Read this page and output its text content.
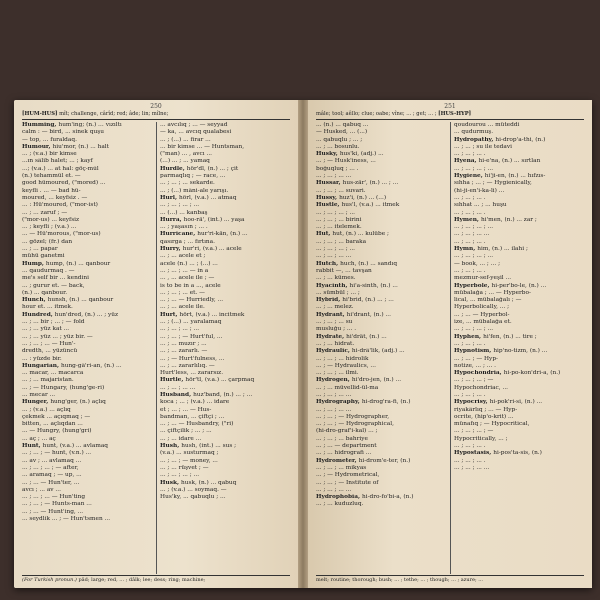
250
[HUM-HUS] mît; challenge, cârîd; red; âde; lin; mîlne;

Humming, hum'ing; (n.) … vızıltı

calm : — bird, ... sinek quşu

— top, ... furaldaq.

Humour, hiu'mor, (n.) ... halt

... ; (v.a.) bir kimse

...ın sâlib halet; ... ; kayf

...; (v.a.) ... at hal: göç-mûl

(n.) tehammül et. —

good hümoured, ("mored) ...

keyfli . ... — bad hü-

moured, ... keyfsiz . —

... : Hü'moured, ("mor-ist)

... ; ... zaruf ; —

("mor-us) ... keyfsiz

... ; keyfli ; (v.a.) ...

... — Hü'morous, ("mor-us)

... gözel; (fr.) dan

... ; ... papar

mühü ganetmi

Hump, hump, (n.) ... qanbour

... qaudurmaq . —

me's self bir ... kendini

... ; gurur et. — back,

(n.) ... qanbour.

Hunch, hunsh, (n.) ... qanbour

hour et. ... itmek.

Hundred, hun'dred, (n.) ... ; yüz

... ; ... bir ; ... ; — fold

... ; ... yüz kat ...

... ; ... yüz ... ; yüz bir. —

... ; ... ; ... — Hun'-

dredth, ... yüzüncü

... : yüzde bir.

Hungarian, hung-gâ'ri-an, (n.) ...

... macar, ... macarca

... ; ... majaristan.

... ; — Hungary, (hung'ge-ri)

... mecar ...

Hunger, hung'ger, (n.) açlıq

... ; (v.a.) ... açlıq

çekmek ... açıqmaq ; —

bitten, ... açlıqdan ...

... — Hungry, (hung'gri)

... aç ; ... aç

Hunt, hunt, (v.a.) ... avlamaq

... ; ... ; — hunt, (v.n.) ...

... av ; ... avlamaq ...

... ; ... ; ... ; — after,

... aramaq ; — up, ...

... ; ... — Hun'ter, ...

avcı ; ... av ...

... ; ... ; ... — Hun'ting

... ; ... ; — Hunts-man ...

... ; ... — Hunt'ing, ...

... seydlik ... ; — Hun'tsmen ...

... avcılıq ; ... — seyyad

— ka, ... avcıq qualabesi

... ; (...) ... firar ...

... bir kimse ... — Huntsman,

("man) ... , avcı ...

(...) ... ; ... yamaq

Hurdle, hör'dl, (n.) ... ; çit

parmaqlıq ; — race, ...

... ; ... ; ... sekarde.

... ; (...) mâni-ale yarışı.

Hurl, hörl, (v.a.) ... atmaq

... ; ... ; ... ; ...

... (...) ... kanbaş

Hurra, hoo-rä', (int.) ... yaşa

... ; yaşasın ; ... .

Hurricane, hur'ri-kän, (n.) ...

qasırga ; ... fırtına.

Hurry, hur'ri, (v.a.) ... acele

... ; ... acele et ;

acele (n.) ... ; (...) ...

... ; ... ; ... — in a

... , ... acele ile ; —

is to be in a ..., acele

... ; ... ; ... et. —

... ; ... — Hurriedly, ...

... ; ... acele ile.

Hurt, hört, (v.a.) ... incitmek

... ; (...) ... yaralamaq

... ; ... ; ... ; ...

... ; ... ; — Hurt'ful, ...

... ; ... muzır ; ...

... ; ... zararlı. —

... ; — Hurt'fulness, ...

... ; ... zararlılıq. —

Hurt'less, ... zararsız.

Hurtle, hör'tl, (v.a.) ... çarpmaq

... ; ... ; ... ...

Husband, huz'band, (n.) ... ; ...

koca ; ... ; (v.a.) ... idare

et ; ... ; ... — Hus-

bandman, ... çiftçi ; ...

... ; ... — Husbandry, ("ri)

... çiftçilik ; ... ; ...

... ; ... idare ...

Hush, hush, (int.) ... sus ;

(v.a.) ... susturmaq ;

... ; ... ; — money, ...

... ; ... rüşvet ; —

... ; ... ; ... ; ...

Husk, husk, (n.) ... qabuq

... ; (v.a.) ... soymaq. —

Hus'ky, ... qabuqlu ; ...

(For Turkish pronun.) pâd; large; red, ... ; dâlk; lee; dess; ring; machine;
251
mâle; tool; aêllo; clue; oabe; vîne; ... ; get; ... ; [HUS-HYP]

... (n.) ... qabuq ...

— Husked, ... (...)

... qabuqlu ; ... ;

... ; ... bosunlu.

Husky, hus'ki, (adj.) ...

... ; — Husk'iness, ...

boğuqluq ; ... .

... ; ... ; ... ...

Hussar, hus-zär', (n.) ... ; ...

... ; ... ; ... suvari.

Hussy, huz'i, (n.) ... (...)

Hustle, hus'l, (v.a.) ... itmek

... ; ... ; ... ; ...

... ; ... ; ... birini

... ; ... itelemek.

Hut, hut, (n.) ... kulübe ;

... ; ... ; ... baraka

... ; ... ; ... ; ...

... ; ... ; ... ...

Hutch, huch, (n.) ... sandıq

rabbit —, ... tavşan

... ; ... kümes.

Hyacinth, hi'a-sinth, (n.) ...

... sümbül ; ... ;

Hybrid, hi'brid, (n.) ... ; ...

... ; ... melez.

Hydrant, hi'drant, (n.) ...

... ; ... ; ... su

musluğu ; ... .

Hydrate, hi'drät, (n.) ...

... ; ... hidrat.

Hydraulic, hi-drâ'lik, (adj.) ...

... ; ... ; ... hidrolik

... ; — Hydraulics, ...

... ; ... ; ... ilmi.

Hydrogen, hi'dro-jen, (n.) ...

... ; ... müvellid-ül-ma

... ; ... ; ... ...

Hydrography, hi-drog'ra-fi, (n.)

... ; ... ; ... ...

... ; ... ; — Hydrographer,

... ; ... ; — Hydrographical,

(hi-dro-graf'i-kal) ... ;

... ; ... ; ... bahriye

... ; ... — department

... ; ... hidrografi ...

Hydrometer, hi-drom'e-ter, (n.)

... ; ... ; ... mikyas

... ; — Hydrometrical,

... ; ... ; — Institute of

... ; ... ; ... ...

Hydrophobia, hi-dro-fo'bi-a, (n.)

... ; ... kuduzluq.

qoudourou ... müteddi

... qudurmuş.

Hydropathy, hi-drop'a-thi, (n.)

... ; ... ; su ile tedavi

... ; ... ; ... .

Hyena, hi-e'na, (n.) ... sırtlan

... ; ... ; ... ; ...

Hygiene, hi'ji-en, (n.) ... hıfzıs-

sıhha ; ... ; — Hygienically,

(hi-ji-en'i-ka-li) ...

... ; ... ; ... .

sıhhat ... ; ... huşu

... ; ... ; ... .

Hymen, hi'men, (n.) ... zar ;

... ; ... ; ... ; ...

... ; ... ; ... ...

... ; ... ; ... .

Hymn, him, (n.) ... ilahi ;

... ; ... ; ... ; ...

— book, ... ; ... ;

... ; ... ; ... .

mezmur-sef-yeşil ...

Hyperbole, hi-per'bo-le, (n.) ...

mübalağa ; ... — Hyperbo-

lical, ... mübalağalı ; —

Hyperbolically, ... ;

... ; ... — Hyperbol-

ize, ... mübalağa et.

... ; ... ; ... ; ...

Hyphen, hi'fen, (n.) ... tire ;

... ; ... ; ... .

Hypnotism, hip'no-tizm, (n.) ...

... ; ... ; — Hyp-

notize, ... ; ... .

Hypochondria, hi-po-kon'dri-a, (n.)

... ; ... ; ... ; —

Hypochondriac, ...

... ; ... ; ... .

Hypocrisy, hi-pok'ri-si, (n.) ...

riyakârlıq ; ... — Hyp-

ocrite, (hip'o-krit) ...

münafıq ; — Hypocritical,

... ; ... ; ... ; —

Hypocritically, ... ;

... ; ... ; ... .

Hypostasis, hi-pos'ta-sis, (n.)

... ; ... ; ... .

... ; ... ; ... ...

melt; routine; thorough; bush; ... ; tethe; ... ; though; ... ; azure; ...
